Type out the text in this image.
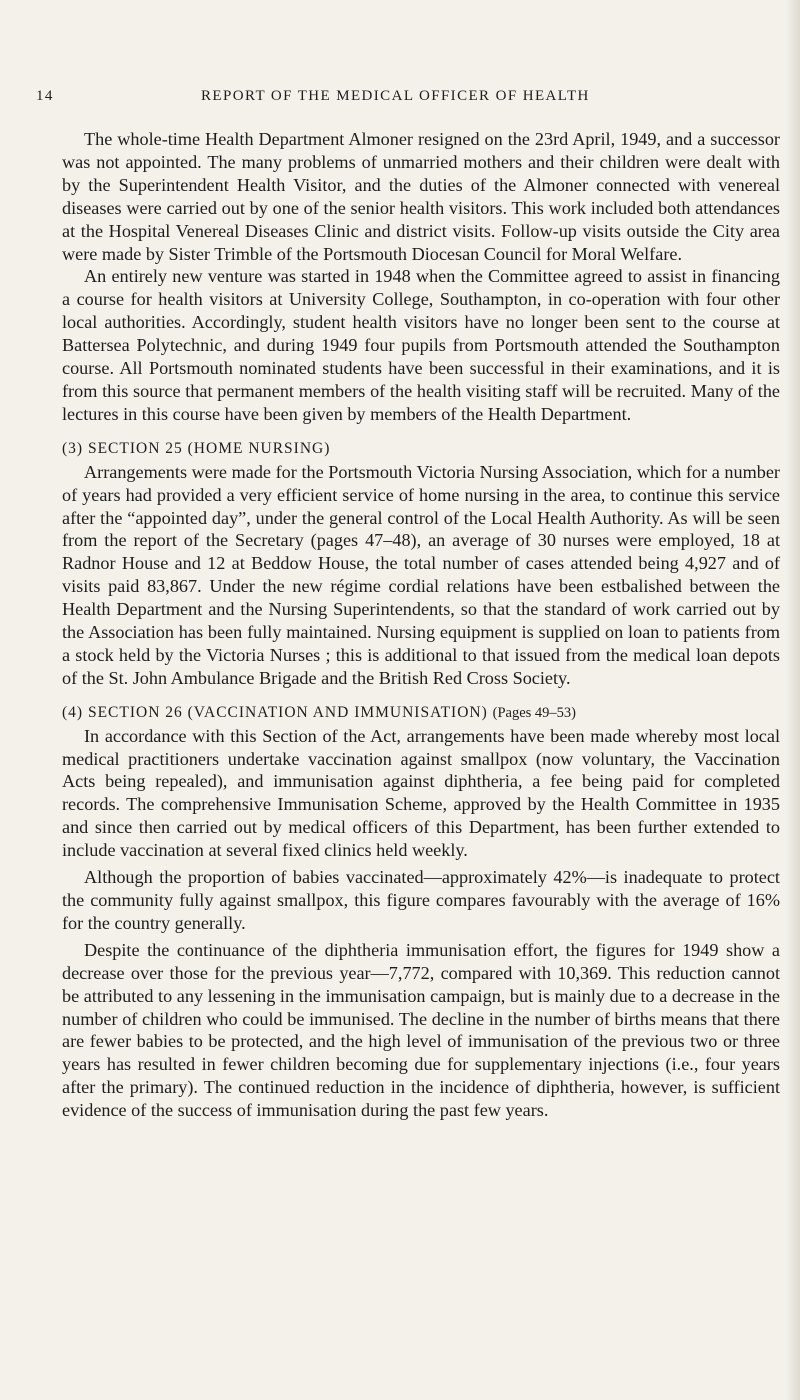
14	REPORT OF THE MEDICAL OFFICER OF HEALTH

The whole-time Health Department Almoner resigned on the 23rd April, 1949, and a successor was not appointed. The many problems of unmarried mothers and their children were dealt with by the Superintendent Health Visitor, and the duties of the Almoner connected with venereal diseases were carried out by one of the senior health visitors. This work included both attendances at the Hospital Venereal Diseases Clinic and district visits. Follow-up visits outside the City area were made by Sister Trimble of the Portsmouth Diocesan Council for Moral Welfare.

An entirely new venture was started in 1948 when the Committee agreed to assist in financing a course for health visitors at University College, Southampton, in co-operation with four other local authorities. Accordingly, student health visitors have no longer been sent to the course at Battersea Polytechnic, and during 1949 four pupils from Portsmouth attended the Southampton course. All Portsmouth nominated students have been successful in their examinations, and it is from this source that permanent members of the health visiting staff will be recruited. Many of the lectures in this course have been given by members of the Health Department.

(3) SECTION 25 (HOME NURSING)

Arrangements were made for the Portsmouth Victoria Nursing Association, which for a number of years had provided a very efficient service of home nursing in the area, to continue this service after the “appointed day”, under the general control of the Local Health Authority. As will be seen from the report of the Secretary (pages 47–48), an average of 30 nurses were employed, 18 at Radnor House and 12 at Beddow House, the total number of cases attended being 4,927 and of visits paid 83,867. Under the new régime cordial relations have been estbalished between the Health Department and the Nursing Superintendents, so that the standard of work carried out by the Association has been fully maintained. Nursing equipment is supplied on loan to patients from a stock held by the Victoria Nurses ; this is additional to that issued from the medical loan depots of the St. John Ambulance Brigade and the British Red Cross Society.

(4) SECTION 26 (VACCINATION AND IMMUNISATION) (Pages 49–53)

In accordance with this Section of the Act, arrangements have been made whereby most local medical practitioners undertake vaccination against smallpox (now voluntary, the Vaccination Acts being repealed), and immunisation against diphtheria, a fee being paid for completed records. The comprehensive Immunisation Scheme, approved by the Health Committee in 1935 and since then carried out by medical officers of this Department, has been further extended to include vaccination at several fixed clinics held weekly.

Although the proportion of babies vaccinated—approximately 42%—is inadequate to protect the community fully against smallpox, this figure compares favourably with the average of 16% for the country generally.

Despite the continuance of the diphtheria immunisation effort, the figures for 1949 show a decrease over those for the previous year—7,772, compared with 10,369. This reduction cannot be attributed to any lessening in the immunisation campaign, but is mainly due to a decrease in the number of children who could be immunised. The decline in the number of births means that there are fewer babies to be protected, and the high level of immunisation of the previous two or three years has resulted in fewer children becoming due for supplementary injections (i.e., four years after the primary). The continued reduction in the incidence of diphtheria, however, is sufficient evidence of the success of immunisation during the past few years.
